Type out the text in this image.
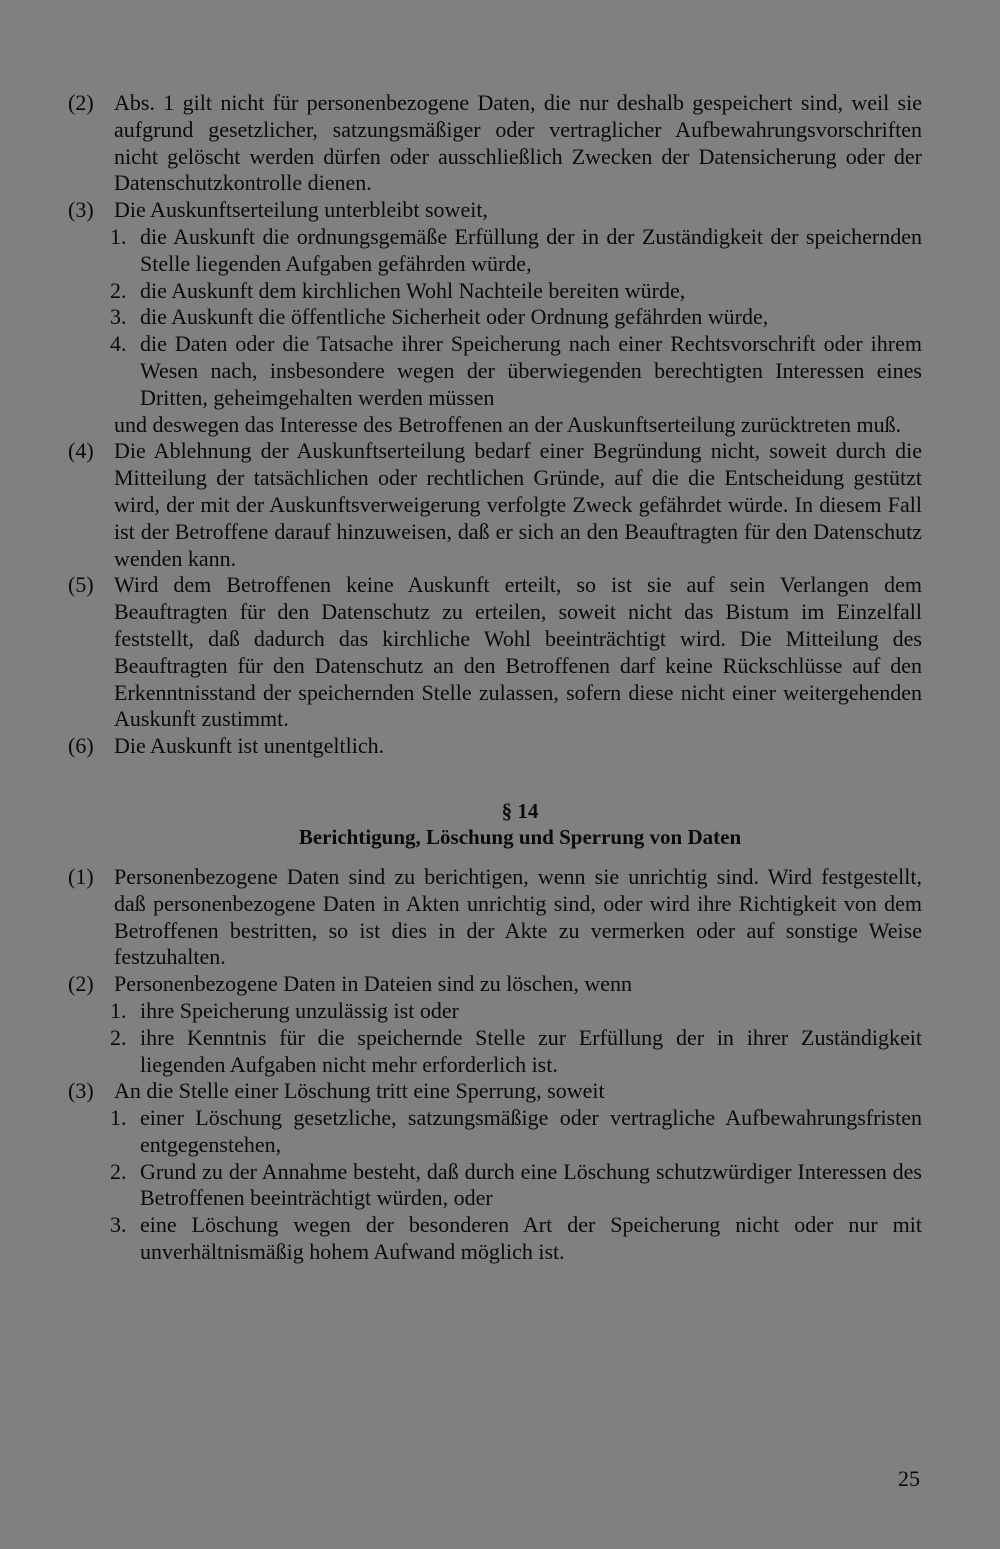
(2) Abs. 1 gilt nicht für personenbezogene Daten, die nur deshalb gespeichert sind, weil sie aufgrund gesetzlicher, satzungsmäßiger oder vertraglicher Aufbewahrungsvorschriften nicht gelöscht werden dürfen oder ausschließlich Zwecken der Datensicherung oder der Datenschutzkontrolle dienen.
(3) Die Auskunftserteilung unterbleibt soweit,
1. die Auskunft die ordnungsgemäße Erfüllung der in der Zuständigkeit der speichernden Stelle liegenden Aufgaben gefährden würde,
2. die Auskunft dem kirchlichen Wohl Nachteile bereiten würde,
3. die Auskunft die öffentliche Sicherheit oder Ordnung gefährden würde,
4. die Daten oder die Tatsache ihrer Speicherung nach einer Rechtsvorschrift oder ihrem Wesen nach, insbesondere wegen der überwiegenden berechtigten Interessen eines Dritten, geheimgehalten werden müssen
und deswegen das Interesse des Betroffenen an der Auskunftserteilung zurücktreten muß.
(4) Die Ablehnung der Auskunftserteilung bedarf einer Begründung nicht, soweit durch die Mitteilung der tatsächlichen oder rechtlichen Gründe, auf die die Entscheidung gestützt wird, der mit der Auskunftsverweigerung verfolgte Zweck gefährdet würde. In diesem Fall ist der Betroffene darauf hinzuweisen, daß er sich an den Beauftragten für den Datenschutz wenden kann.
(5) Wird dem Betroffenen keine Auskunft erteilt, so ist sie auf sein Verlangen dem Beauftragten für den Datenschutz zu erteilen, soweit nicht das Bistum im Einzelfall feststellt, daß dadurch das kirchliche Wohl beeinträchtigt wird. Die Mitteilung des Beauftragten für den Datenschutz an den Betroffenen darf keine Rückschlüsse auf den Erkenntnisstand der speichernden Stelle zulassen, sofern diese nicht einer weitergehenden Auskunft zustimmt.
(6) Die Auskunft ist unentgeltlich.
§ 14
Berichtigung, Löschung und Sperrung von Daten
(1) Personenbezogene Daten sind zu berichtigen, wenn sie unrichtig sind. Wird festgestellt, daß personenbezogene Daten in Akten unrichtig sind, oder wird ihre Richtigkeit von dem Betroffenen bestritten, so ist dies in der Akte zu vermerken oder auf sonstige Weise festzuhalten.
(2) Personenbezogene Daten in Dateien sind zu löschen, wenn
1. ihre Speicherung unzulässig ist oder
2. ihre Kenntnis für die speichernde Stelle zur Erfüllung der in ihrer Zuständigkeit liegenden Aufgaben nicht mehr erforderlich ist.
(3) An die Stelle einer Löschung tritt eine Sperrung, soweit
1. einer Löschung gesetzliche, satzungsmäßige oder vertragliche Aufbewahrungsfristen entgegenstehen,
2. Grund zu der Annahme besteht, daß durch eine Löschung schutzwürdiger Interessen des Betroffenen beeinträchtigt würden, oder
3. eine Löschung wegen der besonderen Art der Speicherung nicht oder nur mit unverhältnismäßig hohem Aufwand möglich ist.
25
